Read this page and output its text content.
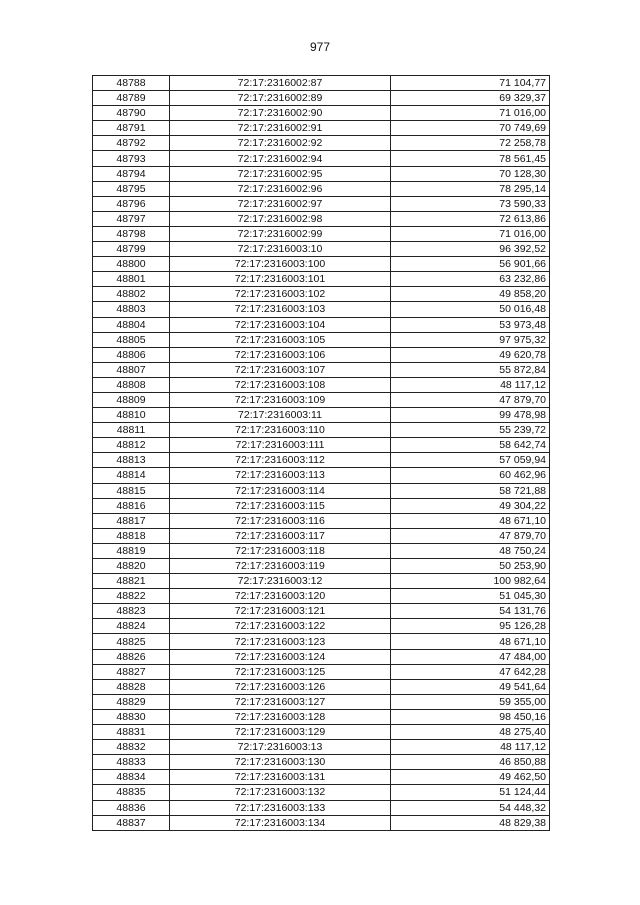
977
48788	72:17:2316002:87	71 104,77
48789	72:17:2316002:89	69 329,37
48790	72:17:2316002:90	71 016,00
48791	72:17:2316002:91	70 749,69
48792	72:17:2316002:92	72 258,78
48793	72:17:2316002:94	78 561,45
48794	72:17:2316002:95	70 128,30
48795	72:17:2316002:96	78 295,14
48796	72:17:2316002:97	73 590,33
48797	72:17:2316002:98	72 613,86
48798	72:17:2316002:99	71 016,00
48799	72:17:2316003:10	96 392,52
48800	72:17:2316003:100	56 901,66
48801	72:17:2316003:101	63 232,86
48802	72:17:2316003:102	49 858,20
48803	72:17:2316003:103	50 016,48
48804	72:17:2316003:104	53 973,48
48805	72:17:2316003:105	97 975,32
48806	72:17:2316003:106	49 620,78
48807	72:17:2316003:107	55 872,84
48808	72:17:2316003:108	48 117,12
48809	72:17:2316003:109	47 879,70
48810	72:17:2316003:11	99 478,98
48811	72:17:2316003:110	55 239,72
48812	72:17:2316003:111	58 642,74
48813	72:17:2316003:112	57 059,94
48814	72:17:2316003:113	60 462,96
48815	72:17:2316003:114	58 721,88
48816	72:17:2316003:115	49 304,22
48817	72:17:2316003:116	48 671,10
48818	72:17:2316003:117	47 879,70
48819	72:17:2316003:118	48 750,24
48820	72:17:2316003:119	50 253,90
48821	72:17:2316003:12	100 982,64
48822	72:17:2316003:120	51 045,30
48823	72:17:2316003:121	54 131,76
48824	72:17:2316003:122	95 126,28
48825	72:17:2316003:123	48 671,10
48826	72:17:2316003:124	47 484,00
48827	72:17:2316003:125	47 642,28
48828	72:17:2316003:126	49 541,64
48829	72:17:2316003:127	59 355,00
48830	72:17:2316003:128	98 450,16
48831	72:17:2316003:129	48 275,40
48832	72:17:2316003:13	48 117,12
48833	72:17:2316003:130	46 850,88
48834	72:17:2316003:131	49 462,50
48835	72:17:2316003:132	51 124,44
48836	72:17:2316003:133	54 448,32
48837	72:17:2316003:134	48 829,38
